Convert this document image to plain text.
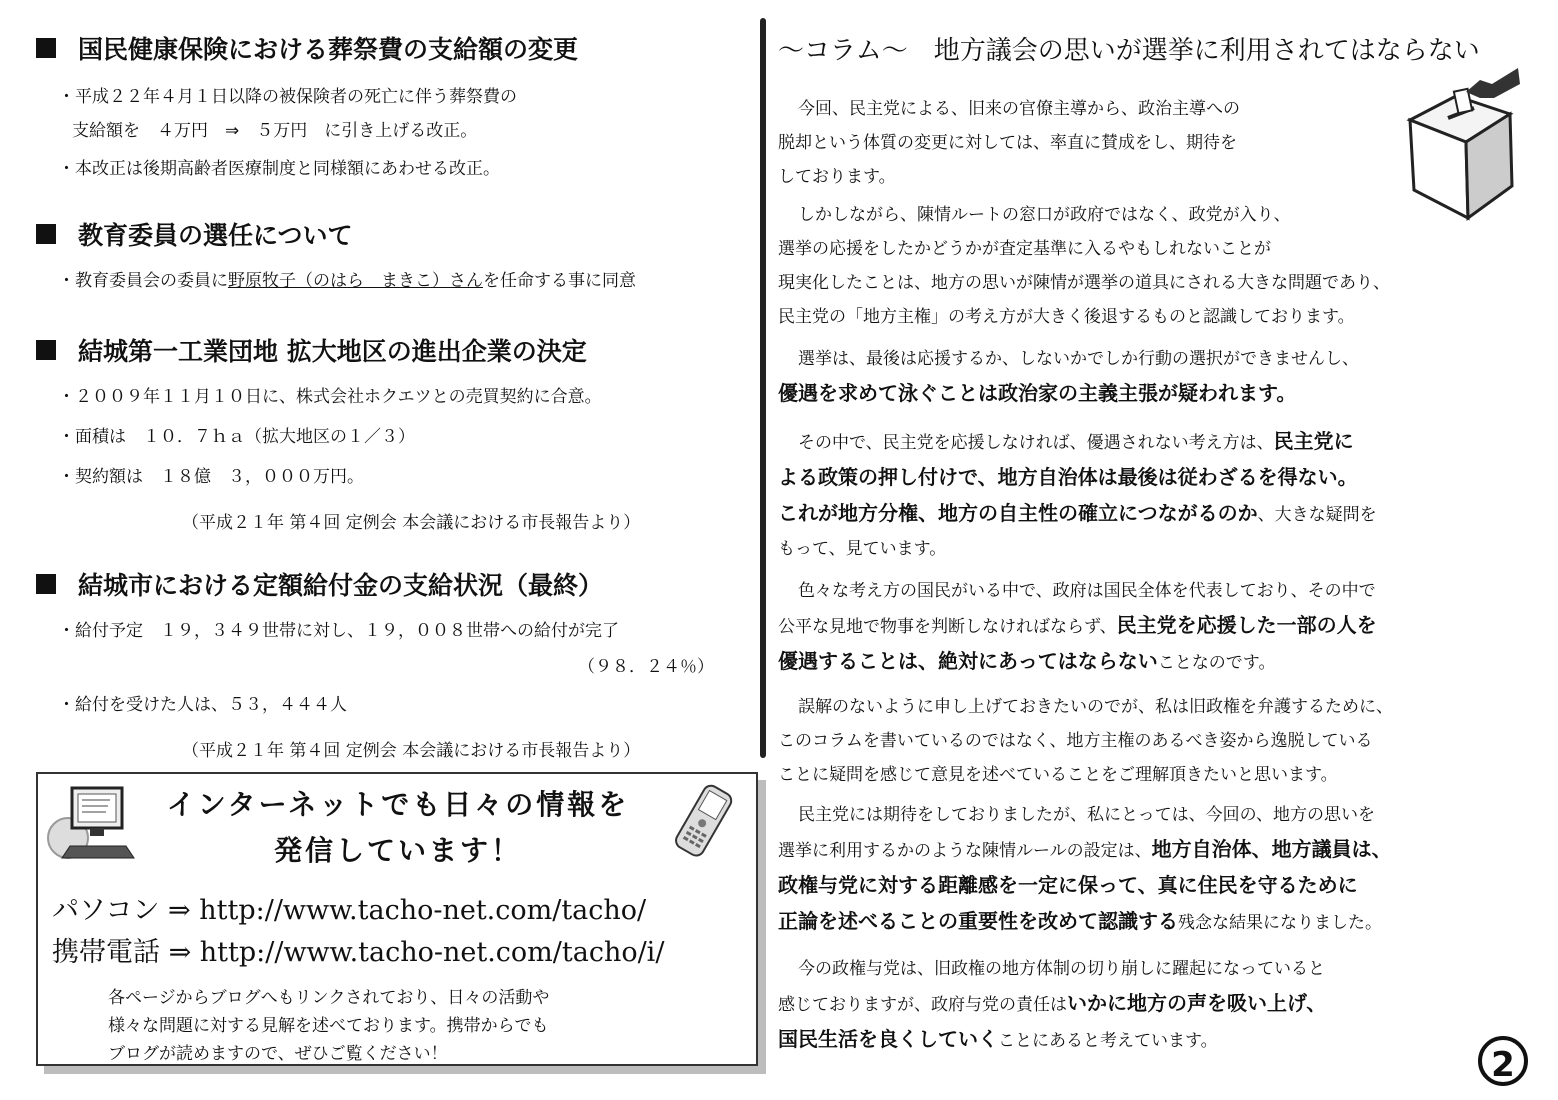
国民健康保険における葬祭費の支給額の変更
・平成２２年４月１日以降の被保険者の死亡に伴う葬祭費の
支給額を　４万円　⇒　５万円　に引き上げる改正。
・本改正は後期高齢者医療制度と同様額にあわせる改正。
教育委員の選任について
・教育委員会の委員に野原牧子（のはら　まきこ）さんを任命する事に同意
結城第一工業団地 拡大地区の進出企業の決定
・２００９年１１月１０日に、株式会社ホクエツとの売買契約に合意。
・面積は　１０．７ｈａ（拡大地区の１／３）
・契約額は　１８億　３，０００万円。
（平成２１年 第４回 定例会 本会議における市長報告より）
結城市における定額給付金の支給状況（最終）
・給付予定　１９，３４９世帯に対し、１９，００８世帯への給付が完了
（９８．２４％）
・給付を受けた人は、５３，４４４人
（平成２１年 第４回 定例会 本会議における市長報告より）
インターネットでも日々の情報を
発信しています！
パソコン ⇒ http://www.tacho-net.com/tacho/
携帯電話 ⇒ http://www.tacho-net.com/tacho/i/
各ページからブログへもリンクされており、日々の活動や
様々な問題に対する見解を述べております。携帯からでも
ブログが読めますので、ぜひご覧ください！
～コラム～　地方議会の思いが選挙に利用されてはならない
今回、民主党による、旧来の官僚主導から、政治主導への
脱却という体質の変更に対しては、率直に賛成をし、期待を
しております。
しかしながら、陳情ルートの窓口が政府ではなく、政党が入り、
選挙の応援をしたかどうかが査定基準に入るやもしれないことが
現実化したことは、地方の思いが陳情が選挙の道具にされる大きな問題であり、
民主党の「地方主権」の考え方が大きく後退するものと認識しております。
選挙は、最後は応援するか、しないかでしか行動の選択ができませんし、
優遇を求めて泳ぐことは政治家の主義主張が疑われます。
その中で、民主党を応援しなければ、優遇されない考え方は、民主党に
よる政策の押し付けで、地方自治体は最後は従わざるを得ない。
これが地方分権、地方の自主性の確立につながるのか、大きな疑問を
もって、見ています。
色々な考え方の国民がいる中で、政府は国民全体を代表しており、その中で
公平な見地で物事を判断しなければならず、民主党を応援した一部の人を
優遇することは、絶対にあってはならないことなのです。
誤解のないように申し上げておきたいのでが、私は旧政権を弁護するために、
このコラムを書いているのではなく、地方主権のあるべき姿から逸脱している
ことに疑問を感じて意見を述べていることをご理解頂きたいと思います。
民主党には期待をしておりましたが、私にとっては、今回の、地方の思いを
選挙に利用するかのような陳情ルールの設定は、地方自治体、地方議員は、
政権与党に対する距離感を一定に保って、真に住民を守るために
正論を述べることの重要性を改めて認識する残念な結果になりました。
今の政権与党は、旧政権の地方体制の切り崩しに躍起になっていると
感じておりますが、政府与党の責任はいかに地方の声を吸い上げ、
国民生活を良くしていくことにあると考えています。
2
